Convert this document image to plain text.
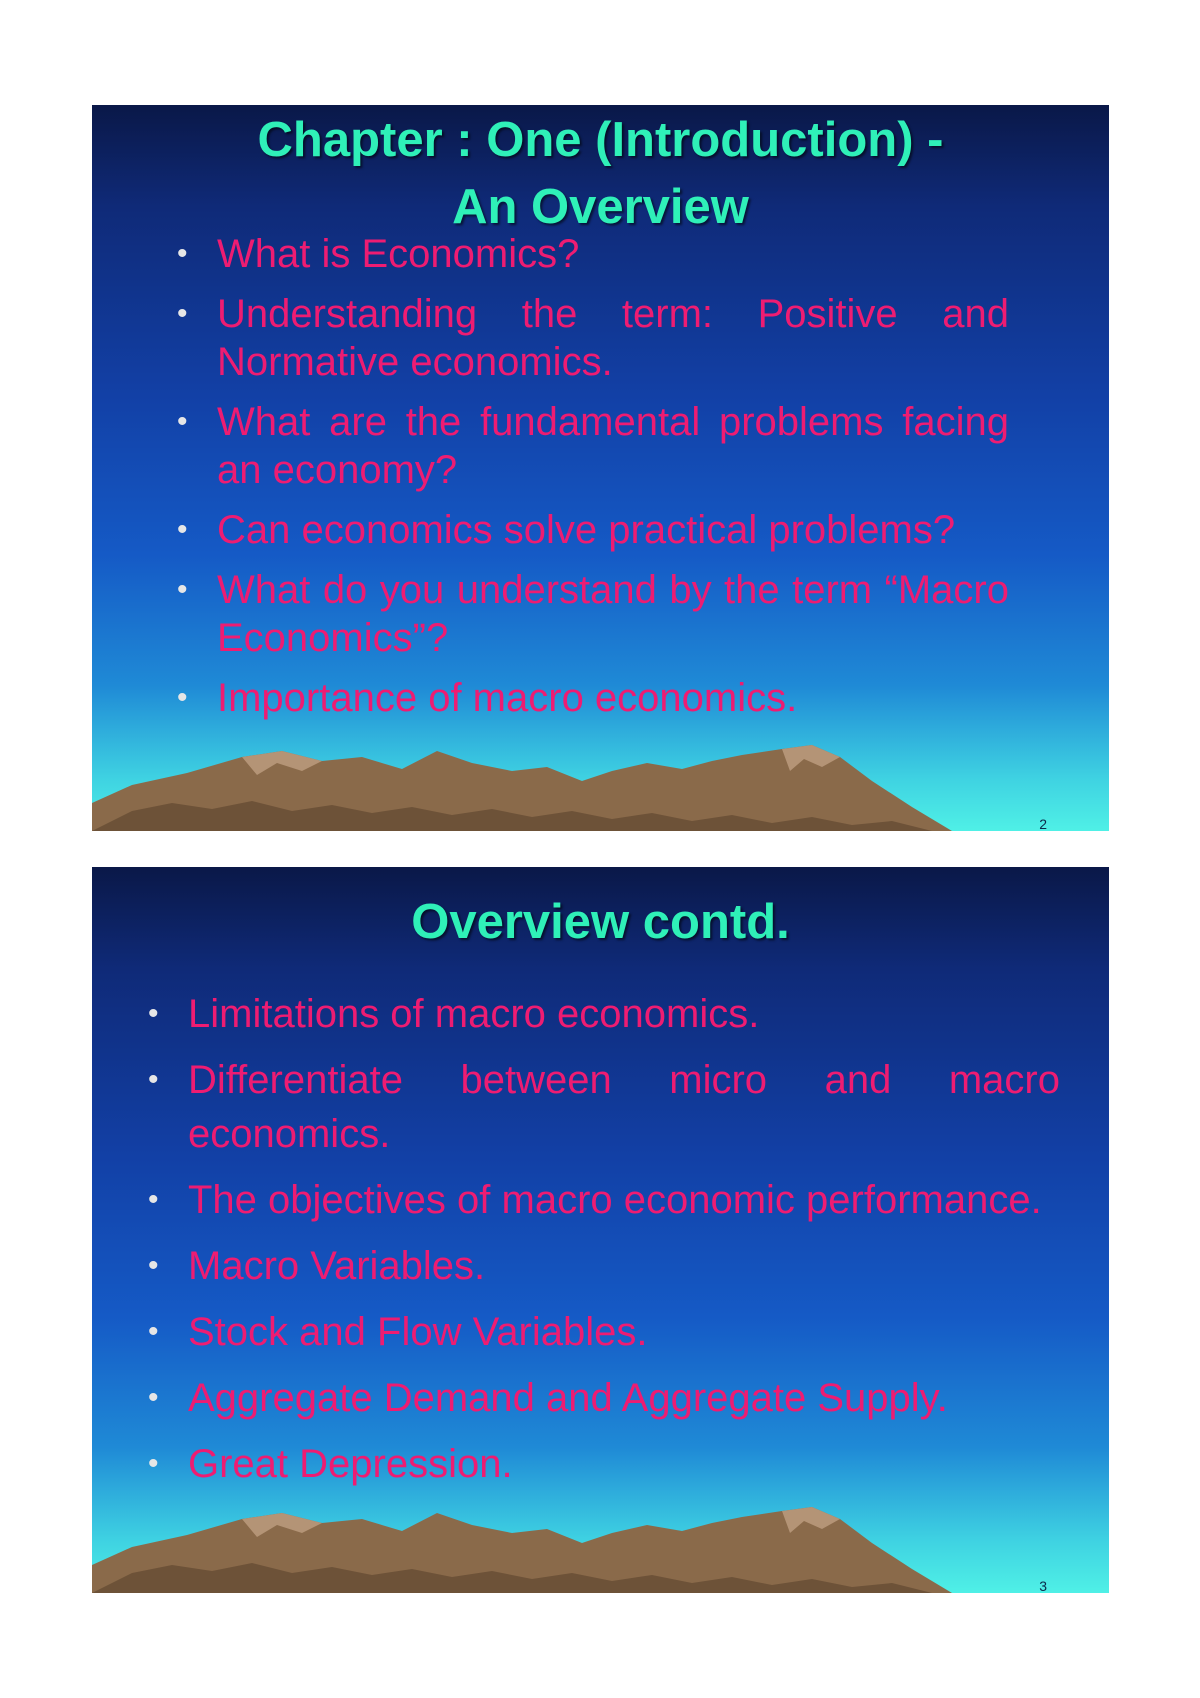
Chapter : One (Introduction) -
An Overview
• What is Economics?
• Understanding the term: Positive and Normative economics.
• What are the fundamental problems facing an economy?
• Can economics solve practical problems?
• What do you understand by the term “Macro Economics”?
• Importance of macro economics.
2
Overview contd.
• Limitations of macro economics.
• Differentiate between micro and macro economics.
• The objectives of macro economic performance.
• Macro Variables.
• Stock and Flow Variables.
• Aggregate Demand and Aggregate Supply.
• Great Depression.
3
